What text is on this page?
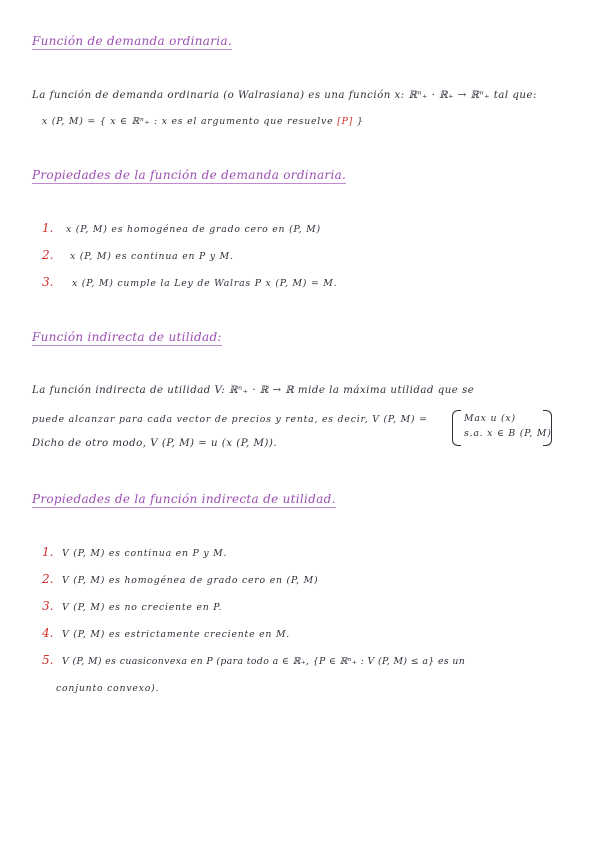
Función de demanda ordinaria.
La función de demanda ordinaria (o Walrasiana) es una función x: ℝⁿ₊ · ℝ₊ → ℝⁿ₊ tal que:
x (P, M) = { x ∈ ℝⁿ₊ : x es el argumento que resuelve [P] }
Propiedades de la función de demanda ordinaria.
1. x (P, M) es homogénea de grado cero en (P, M)
2. x (P, M) es continua en P y M.
3. x (P, M) cumple la Ley de Walras P x (P, M) = M.
Función indirecta de utilidad:
La función indirecta de utilidad V: ℝⁿ₊ · ℝ → ℝ mide la máxima utilidad que se
puede alcanzar para cada vector de precios y renta, es decir, V (P, M) =	Max u (x)
s.a. x ∈ B (P, M)
Dicho de otro modo, V (P, M) = u (x (P, M)).
Propiedades de la función indirecta de utilidad.
1. V (P, M) es continua en P y M.
2. V (P, M) es homogénea de grado cero en (P, M)
3. V (P, M) es no creciente en P.
4. V (P, M) es estrictamente creciente en M.
5. V (P, M) es cuasiconvexa en P (para todo a ∈ ℝ₊, {P ∈ ℝⁿ₊ : V (P, M) ≤ a} es un
conjunto convexo).
